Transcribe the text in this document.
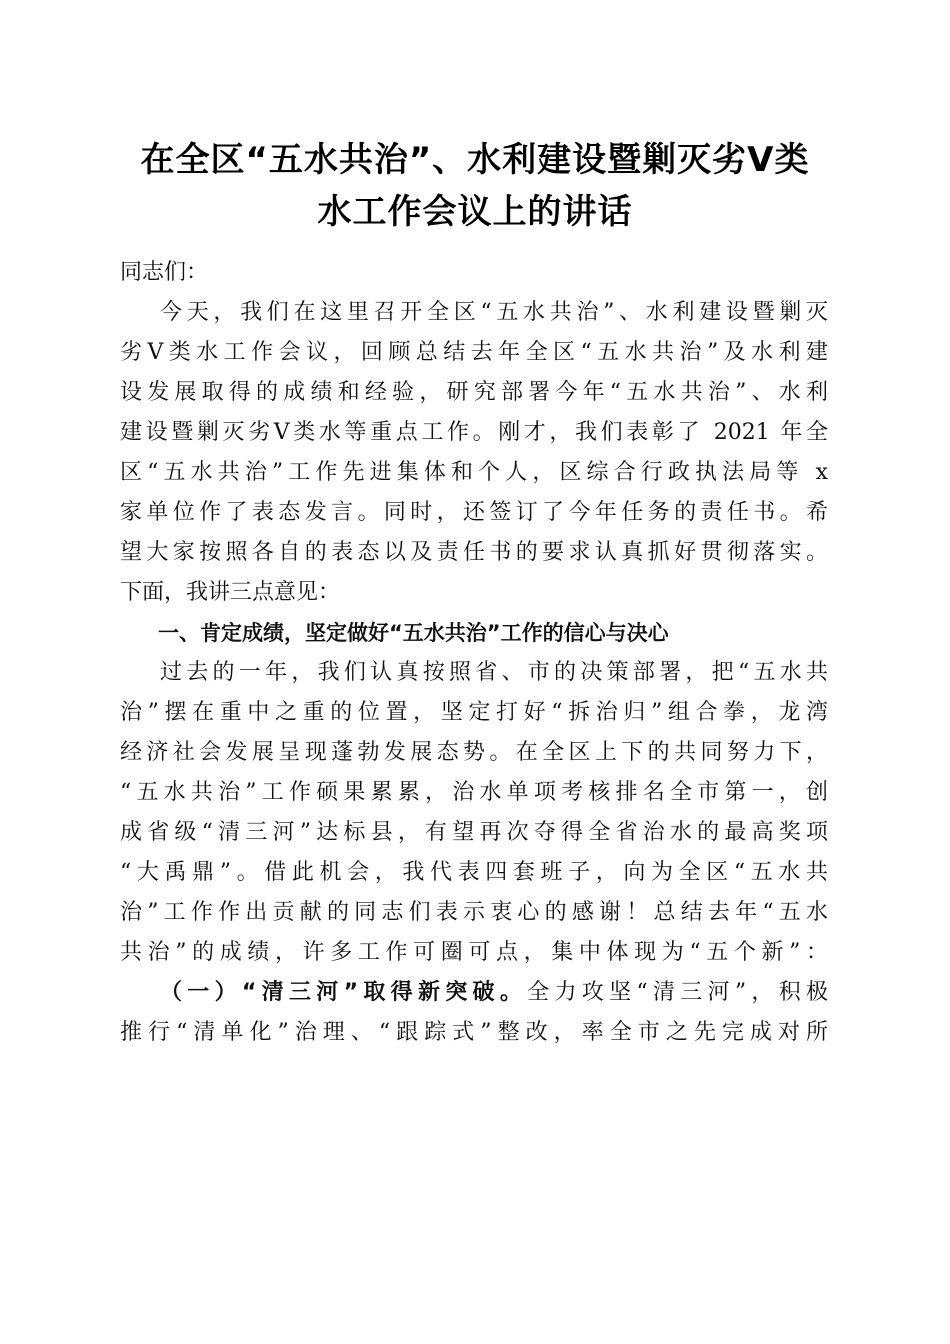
在全区“五水共治”、水利建设暨剿灭劣Ⅴ类
水工作会议上的讲话
同志们：
今天，我们在这里召开全区“五水共治”、水利建设暨剿灭
劣Ⅴ类水工作会议，回顾总结去年全区“五水共治”及水利建
设发展取得的成绩和经验，研究部署今年“五水共治”、水利
建设暨剿灭劣Ⅴ类水等重点工作。刚才，我们表彰了 2021 年全
区“五水共治”工作先进集体和个人，区综合行政执法局等 x
家单位作了表态发言。同时，还签订了今年任务的责任书。希
望大家按照各自的表态以及责任书的要求认真抓好贯彻落实。
下面，我讲三点意见：
一、肯定成绩，坚定做好“五水共治”工作的信心与决心
过去的一年，我们认真按照省、市的决策部署，把“五水共
治”摆在重中之重的位置，坚定打好“拆治归”组合拳，龙湾
经济社会发展呈现蓬勃发展态势。在全区上下的共同努力下，
“五水共治”工作硕果累累，治水单项考核排名全市第一，创
成省级“清三河”达标县，有望再次夺得全省治水的最高奖项
“大禹鼎”。借此机会，我代表四套班子，向为全区“五水共
治”工作作出贡献的同志们表示衷心的感谢！总结去年“五水
共治”的成绩，许多工作可圈可点，集中体现为“五个新”：
（一）“清三河”取得新突破。全力攻坚“清三河”，积极
推行“清单化”治理、“跟踪式”整改，率全市之先完成对所
